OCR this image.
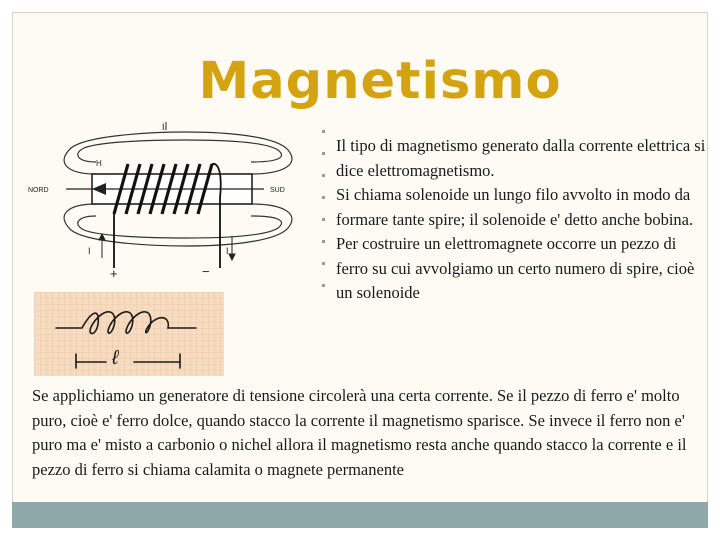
Magnetismo
I
H
NORD	SUD
I	I
+	−
ℓ

Il tipo di magnetismo generato dalla corrente elettrica si dice elettromagnetismo.

Si chiama solenoide un lungo filo avvolto in modo da formare tante spire; il solenoide e' detto anche bobina.

Per costruire un elettromagnete occorre un pezzo di ferro su cui avvolgiamo un certo numero di spire, cioè un solenoide

Se applichiamo un generatore di tensione circolerà una certa corrente. Se il pezzo di ferro e' molto puro, cioè e' ferro dolce, quando stacco la corrente il magnetismo sparisce. Se invece il ferro non e' puro ma e' misto a carbonio o nichel allora il magnetismo resta anche quando stacco la corrente e il pezzo di ferro si chiama calamita o magnete permanente
